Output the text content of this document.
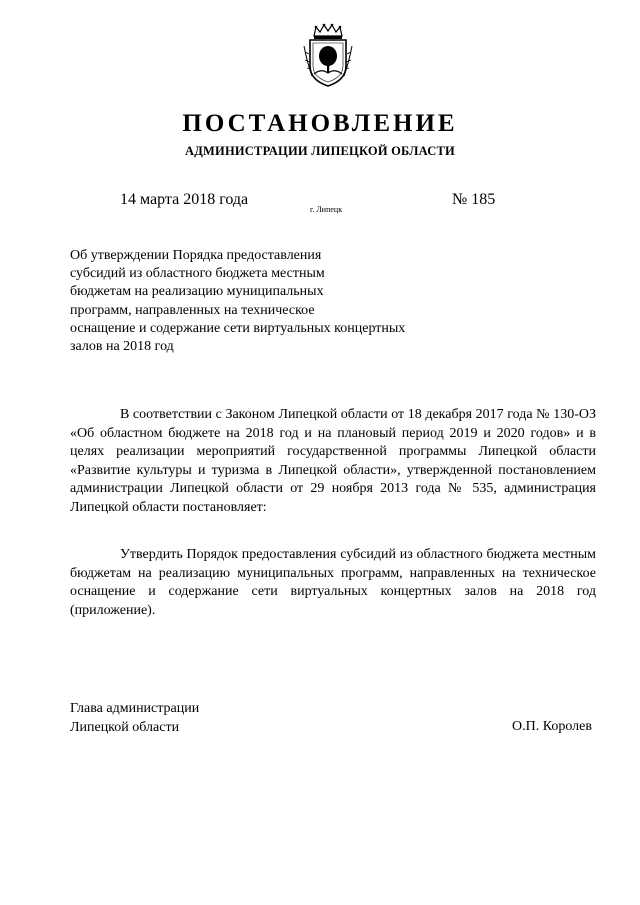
ПОСТАНОВЛЕНИЕ
АДМИНИСТРАЦИИ ЛИПЕЦКОЙ ОБЛАСТИ
14 марта 2018 года
г. Липецк
№ 185
Об утверждении Порядка предоставления
субсидий из областного бюджета местным
бюджетам на реализацию муниципальных
программ, направленных на техническое
оснащение и содержание сети виртуальных концертных
залов на 2018 год

В соответствии с Законом Липецкой области от 18 декабря 2017 года № 130-ОЗ «Об областном бюджете на 2018 год и на плановый период 2019 и 2020 годов» и в целях реализации мероприятий государственной программы Липецкой области «Развитие культуры и туризма в Липецкой области», утвержденной постановлением администрации Липецкой области от 29 ноября 2013 года № 535, администрация Липецкой области постановляет:

Утвердить Порядок предоставления субсидий из областного бюджета местным бюджетам на реализацию муниципальных программ, направленных на техническое оснащение и содержание сети виртуальных концертных залов на 2018 год (приложение).

Глава администрации
Липецкой области	О.П. Королев
